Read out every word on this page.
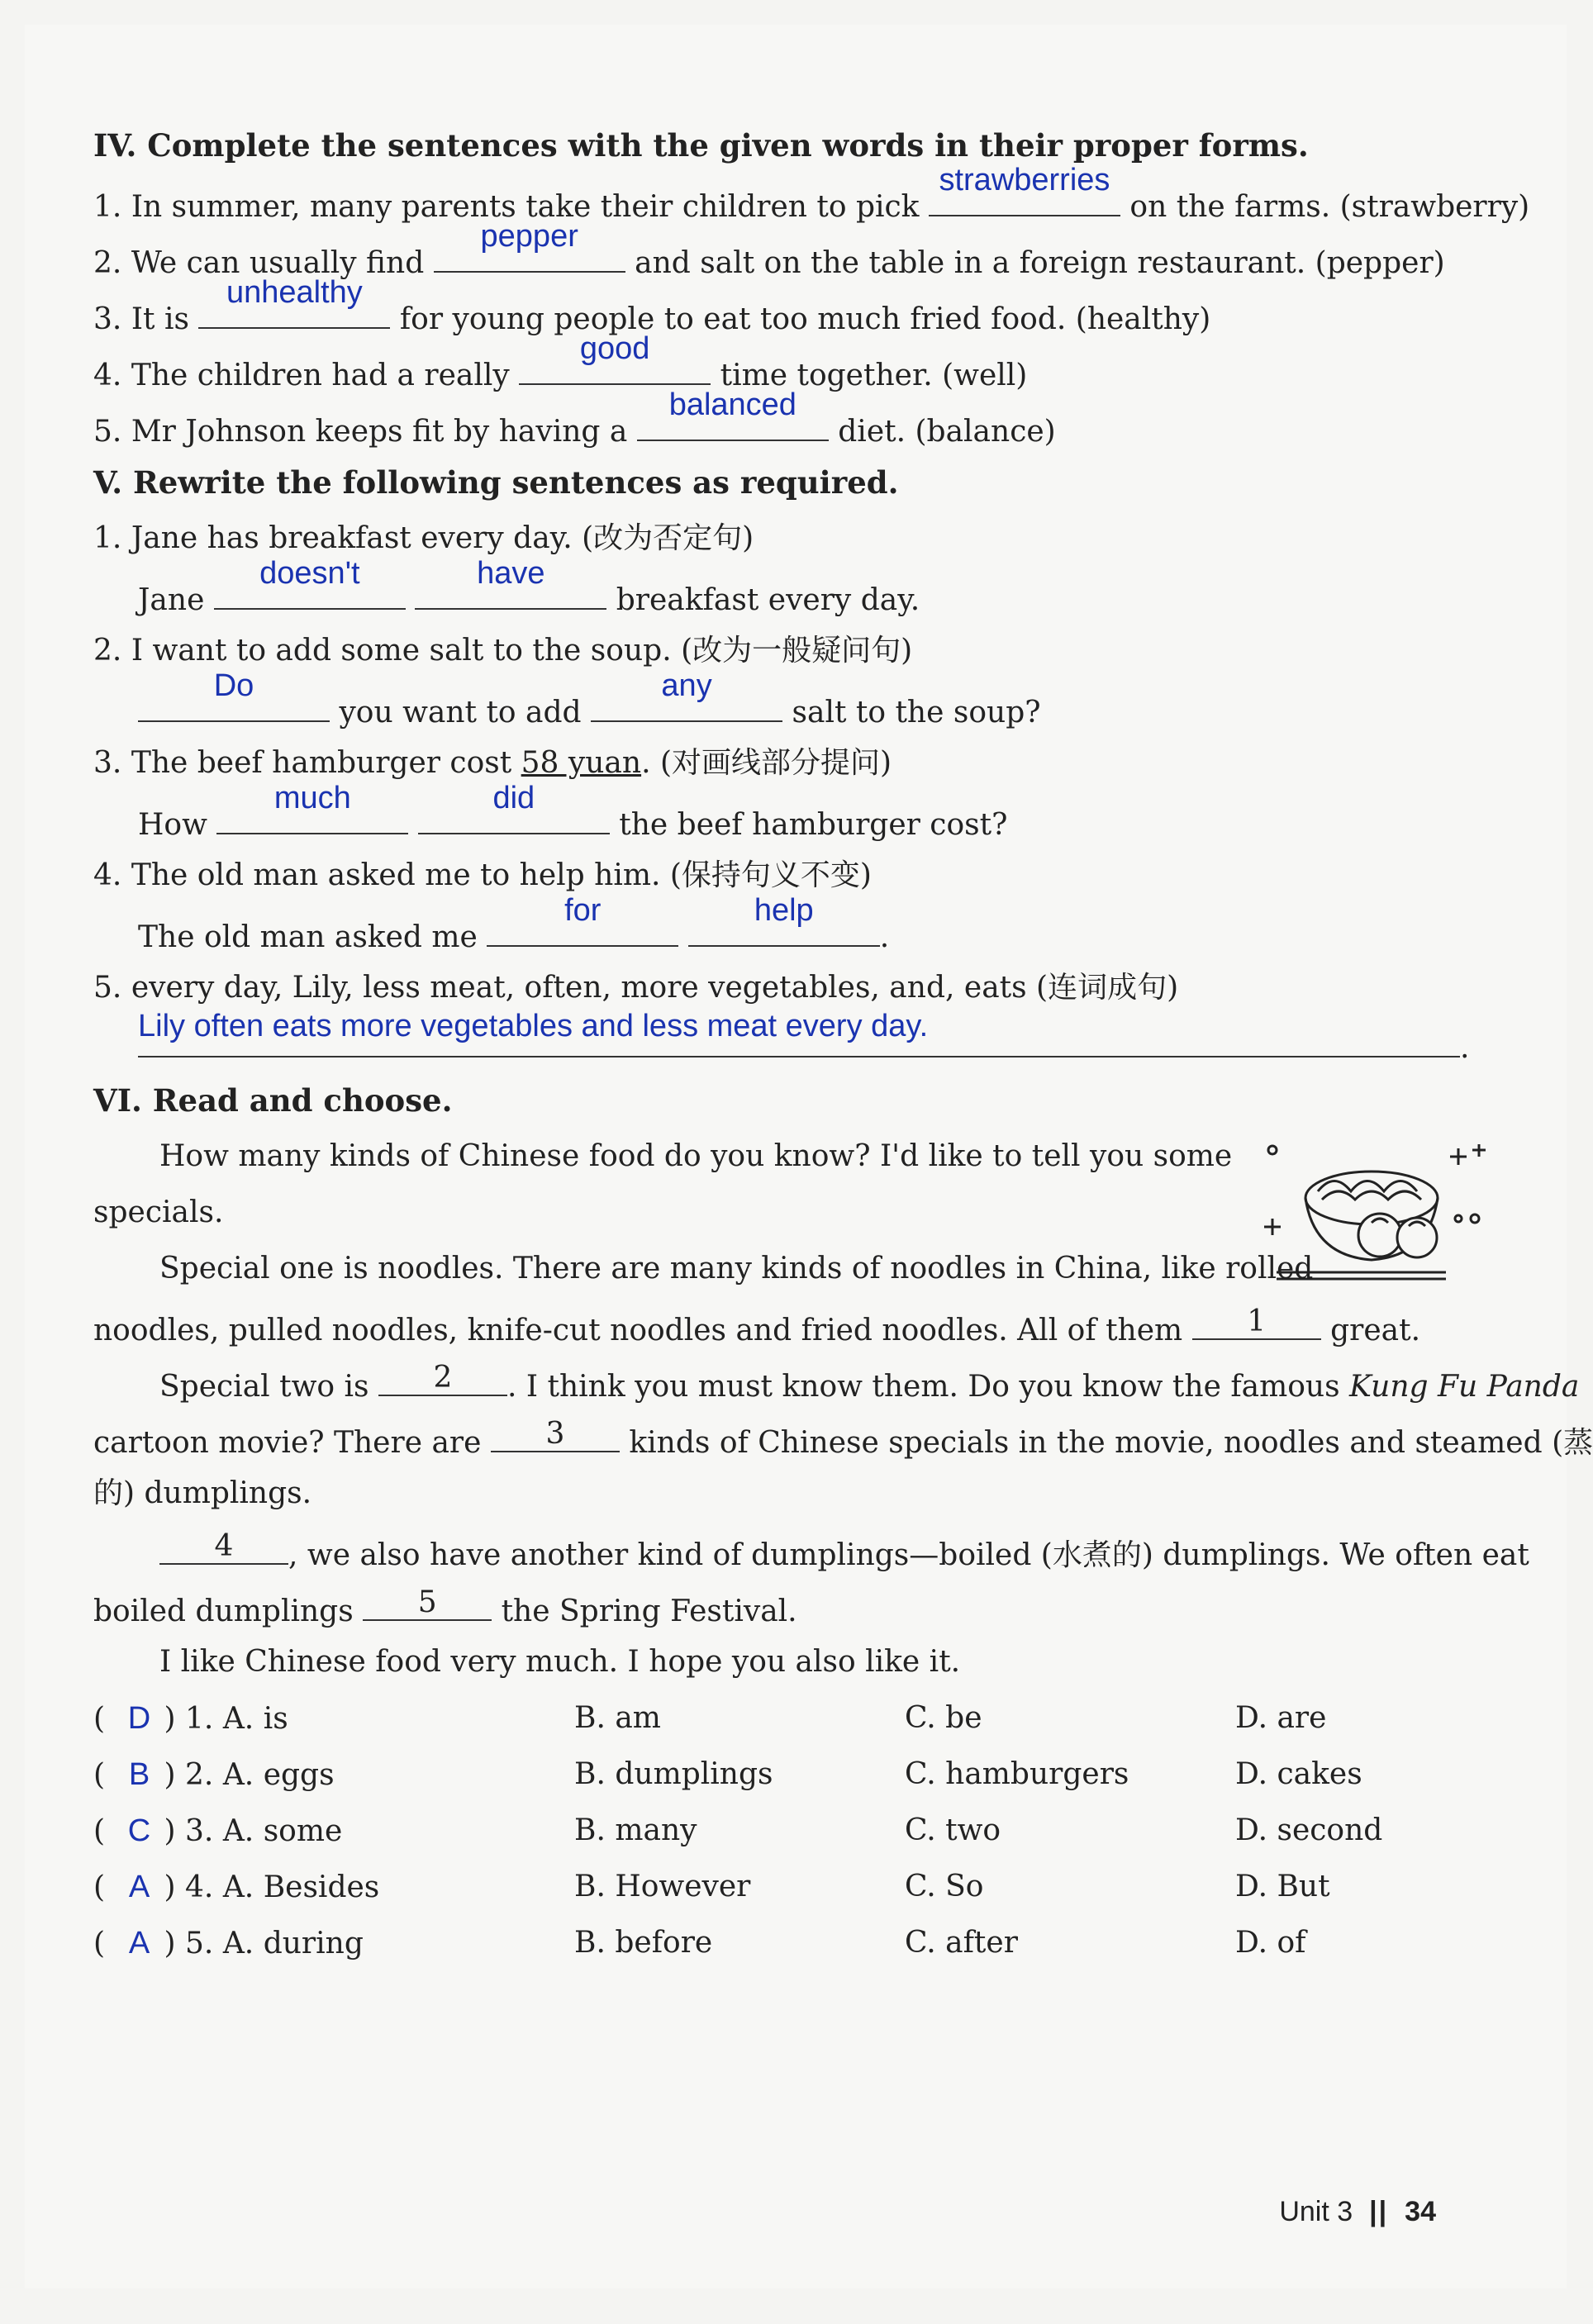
IV. Complete the sentences with the given words in their proper forms.
1. In summer, many parents take their children to pick
strawberries
on the farms. (strawberry)
2. We can usually find
pepper
and salt on the table in a foreign restaurant. (pepper)
3. It is
unhealthy
for young people to eat too much fried food. (healthy)
4. The children had a really
good
time together. (well)
5. Mr Johnson keeps fit by having a
balanced
diet. (balance)
V. Rewrite the following sentences as required.
1. Jane has breakfast every day. (改为否定句)
Jane
doesn't
	have
breakfast every day.
2. I want to add some salt to the soup. (改为一般疑问句)
Do
you want to add
any
salt to the soup?
3. The beef hamburger cost 58 yuan. (对画线部分提问)
How
much
	did
the beef hamburger cost?
4. The old man asked me to help him. (保持句义不变)
The old man asked me
for
	help
.
5. every day, Lily, less meat, often, more vegetables, and, eats (连词成句)
Lily often eats more vegetables and less meat every day.
.
VI. Read and choose.
How many kinds of Chinese food do you know? I'd like to tell you some
specials.
Special one is noodles. There are many kinds of noodles in China, like rolled
noodles, pulled noodles, knife-cut noodles and fried noodles. All of them	1	great.
Special two is	2	. I think you must know them. Do you know the famous Kung Fu Panda
cartoon movie? There are	3	kinds of Chinese specials in the movie, noodles and steamed (蒸
的) dumplings.
4	, we also have another kind of dumplings—boiled (水煮的) dumplings. We often eat
boiled dumplings	5	the Spring Festival.
I like Chinese food very much. I hope you also like it.
( D ) 1. A. is	B. am	C. be	D. are
( B ) 2. A. eggs	B. dumplings	C. hamburgers	D. cakes
( C ) 3. A. some	B. many	C. two	D. second
( A ) 4. A. Besides	B. However	C. So	D. But
( A ) 5. A. during	B. before	C. after	D. of
Unit 3 || 34
